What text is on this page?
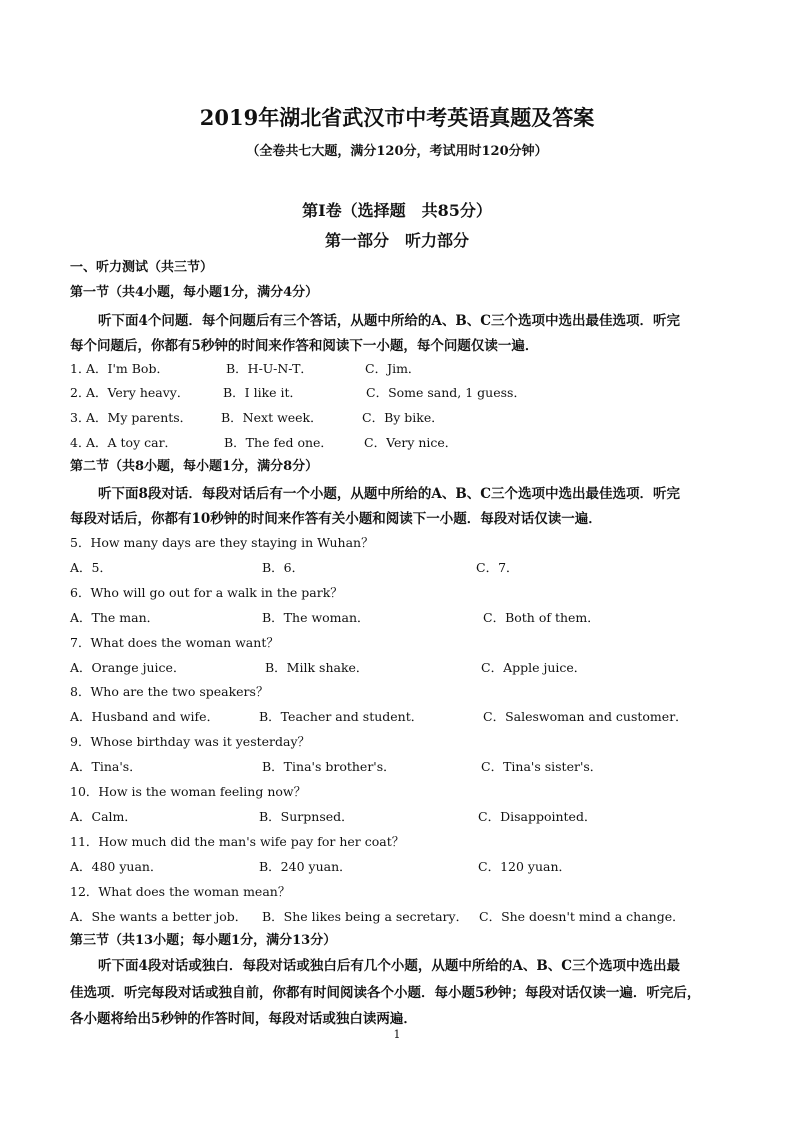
2019年湖北省武汉市中考英语真题及答案
（全卷共七大题，满分120分，考试用时120分钟）
第I卷（选择题　共85分）
第一部分　听力部分
一、听力测试（共三节）
第一节（共4小题，每小题1分，满分4分）
听下面4个问题．每个问题后有三个答话，从题中所给的A、B、C三个选项中选出最佳选项．听完
每个问题后，你都有5秒钟的时间来作答和阅读下一小题，每个问题仅读一遍．
1．
A．I'm Bob．	B．H-U-N-T．	C．Jim．
2．
A．Very heavy．	B．I like it．	C．Some sand, 1 guess．
3．
A．My parents． B．Next week．	C．By bike．
4．
A．A toy car．	B．The fed one． C．Very nice．
第二节（共8小题，每小题1分，满分8分）
听下面8段对话．每段对话后有一个小题，从题中所给的A、B、C三个选项中选出最佳选项．听完
每段对话后，你都有10秒钟的时间来作答有关小题和阅读下一小题．每段对话仅读一遍．
5．How many days are they staying in Wuhan？
A．5．	B．6．	C．7．
6．Who will go out for a walk in the park？
A．The man．	B．The woman．	C．Both of them．
7．What does the woman want？
A．Orange juice．	B．Milk shake．	C．Apple juice．
8．Who are the two speakers？
A．Husband and wife．	B．Teacher and student．	C．Saleswoman and customer．
9．Whose birthday was it yesterday？
A．Tina's．	B．Tina's brother's．	C．Tina's sister's．
10．How is the woman feeling now？
A．Calm．	B．Surpnsed．	C．Disappointed．
11．How much did the man's wife pay for her coat？
A．480 yuan．	B．240 yuan．	C．120 yuan．
12．What does the woman mean？
A．She wants a better job． B．She likes being a secretary． C．She doesn't mind a change．
第三节（共13小题；每小题1分，满分13分）
听下面4段对话或独白．每段对话或独白后有几个小题，从题中所给的A、B、C三个选项中选出最
佳选项．听完每段对话或独自前，你都有时间阅读各个小题．每小题5秒钟；每段对话仅读一遍．听完后，
各小题将给出5秒钟的作答时间，每段对话或独白读两遍．
1
